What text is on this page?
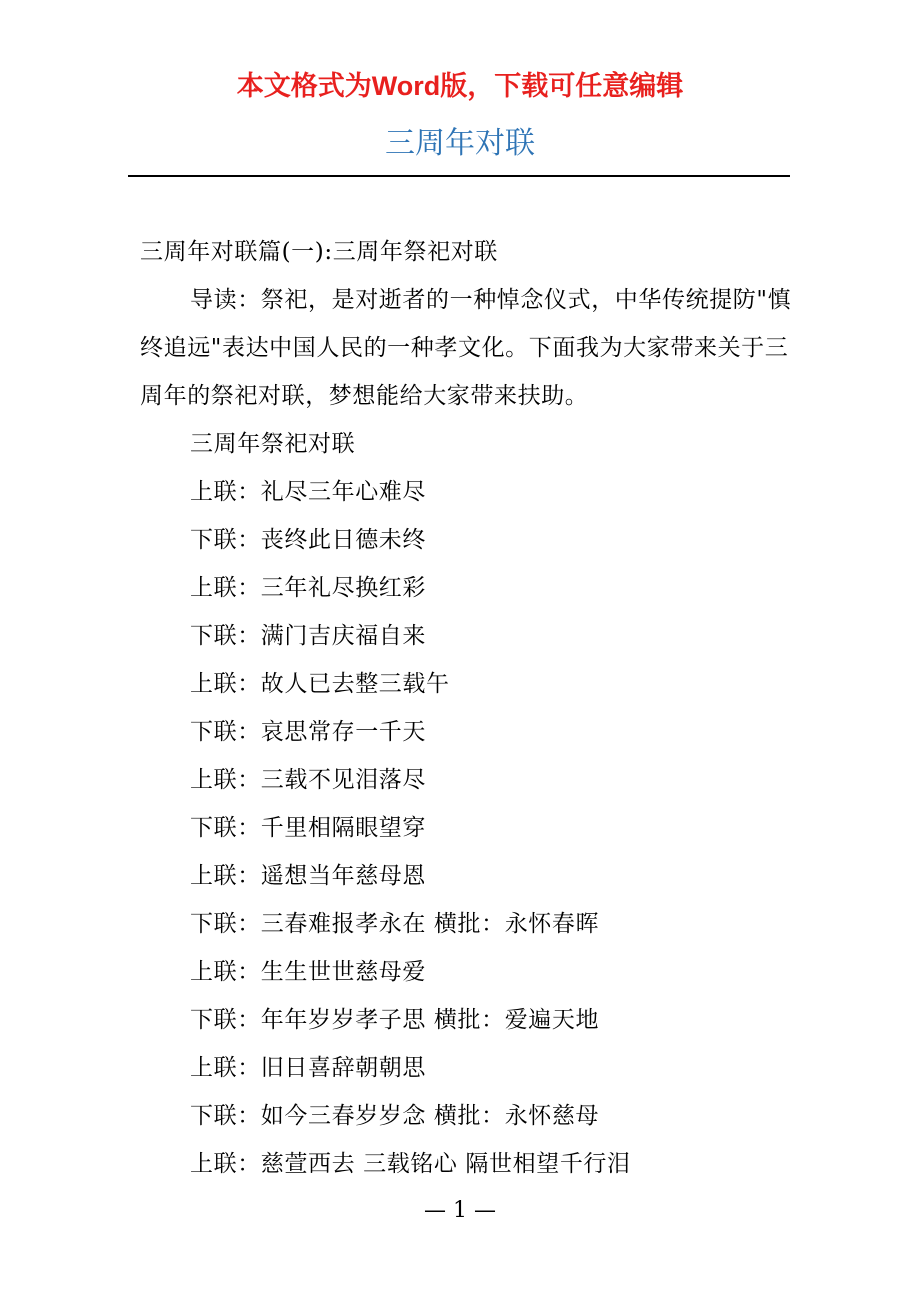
本文格式为Word版，下载可任意编辑
三周年对联

三周年对联篇(一):三周年祭祀对联

导读：祭祀，是对逝者的一种悼念仪式，中华传统提防"慎终追远"表达中国人民的一种孝文化。下面我为大家带来关于三周年的祭祀对联，梦想能给大家带来扶助。

三周年祭祀对联

上联：礼尽三年心难尽

下联：丧终此日德未终

上联：三年礼尽换红彩

下联：满门吉庆福自来

上联：故人已去整三载午

下联：哀思常存一千天

上联：三载不见泪落尽

下联：千里相隔眼望穿

上联：遥想当年慈母恩

下联：三春难报孝永在 横批：永怀春晖

上联：生生世世慈母爱

下联：年年岁岁孝子思 横批：爱遍天地

上联：旧日喜辞朝朝思

下联：如今三春岁岁念 横批：永怀慈母

上联：慈萱西去 三载铭心 隔世相望千行泪

— 1 —
